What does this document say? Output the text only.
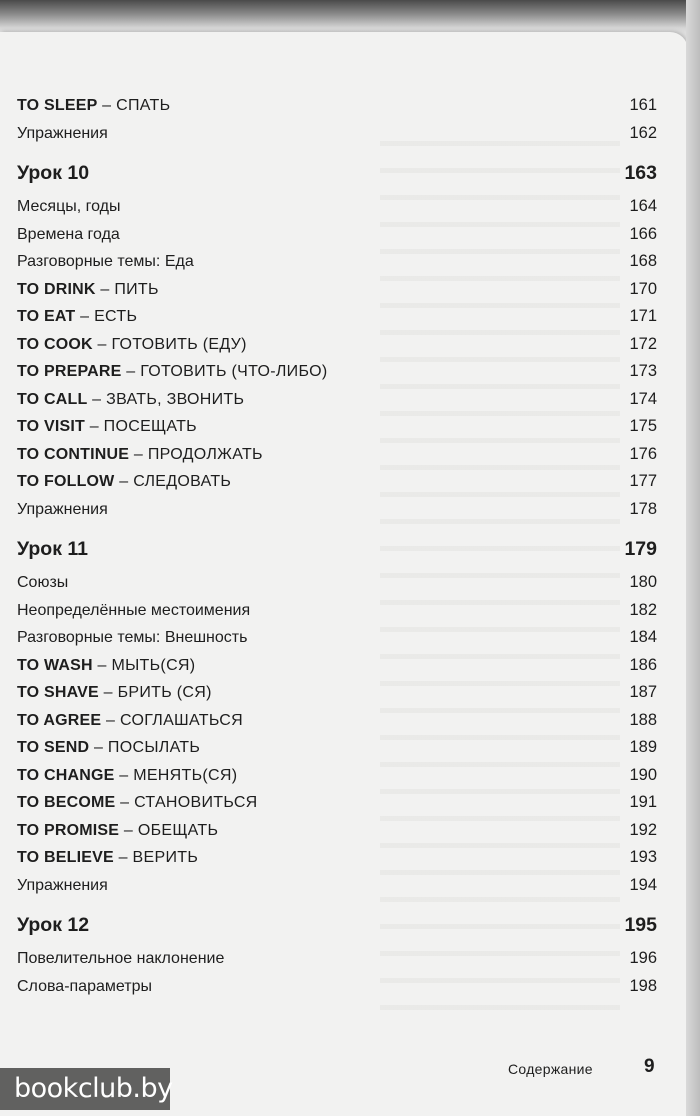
TO SLEEP – СПАТЬ	161
Упражнения	162
Урок 10	163
Месяцы, годы	164
Времена года	166
Разговорные темы: Еда	168
TO DRINK – ПИТЬ	170
TO EAT – ЕСТЬ	171
TO COOK – ГОТОВИТЬ (ЕДУ)	172
TO PREPARE – ГОТОВИТЬ (ЧТО-ЛИБО)	173
TO CALL – ЗВАТЬ, ЗВОНИТЬ	174
TO VISIT – ПОСЕЩАТЬ	175
TO CONTINUE – ПРОДОЛЖАТЬ	176
TO FOLLOW – СЛЕДОВАТЬ	177
Упражнения	178
Урок 11	179
Союзы	180
Неопределённые местоимения	182
Разговорные темы: Внешность	184
TO WASH – МЫТЬ(СЯ)	186
TO SHAVE – БРИТЬ (СЯ)	187
TO AGREE – СОГЛАШАТЬСЯ	188
TO SEND – ПОСЫЛАТЬ	189
TO CHANGE – МЕНЯТЬ(СЯ)	190
TO BECOME – СТАНОВИТЬСЯ	191
TO PROMISE – ОБЕЩАТЬ	192
TO BELIEVE – ВЕРИТЬ	193
Упражнения	194
Урок 12	195
Повелительное наклонение	196
Слова-параметры	198
Содержание	9
bookclub.by
